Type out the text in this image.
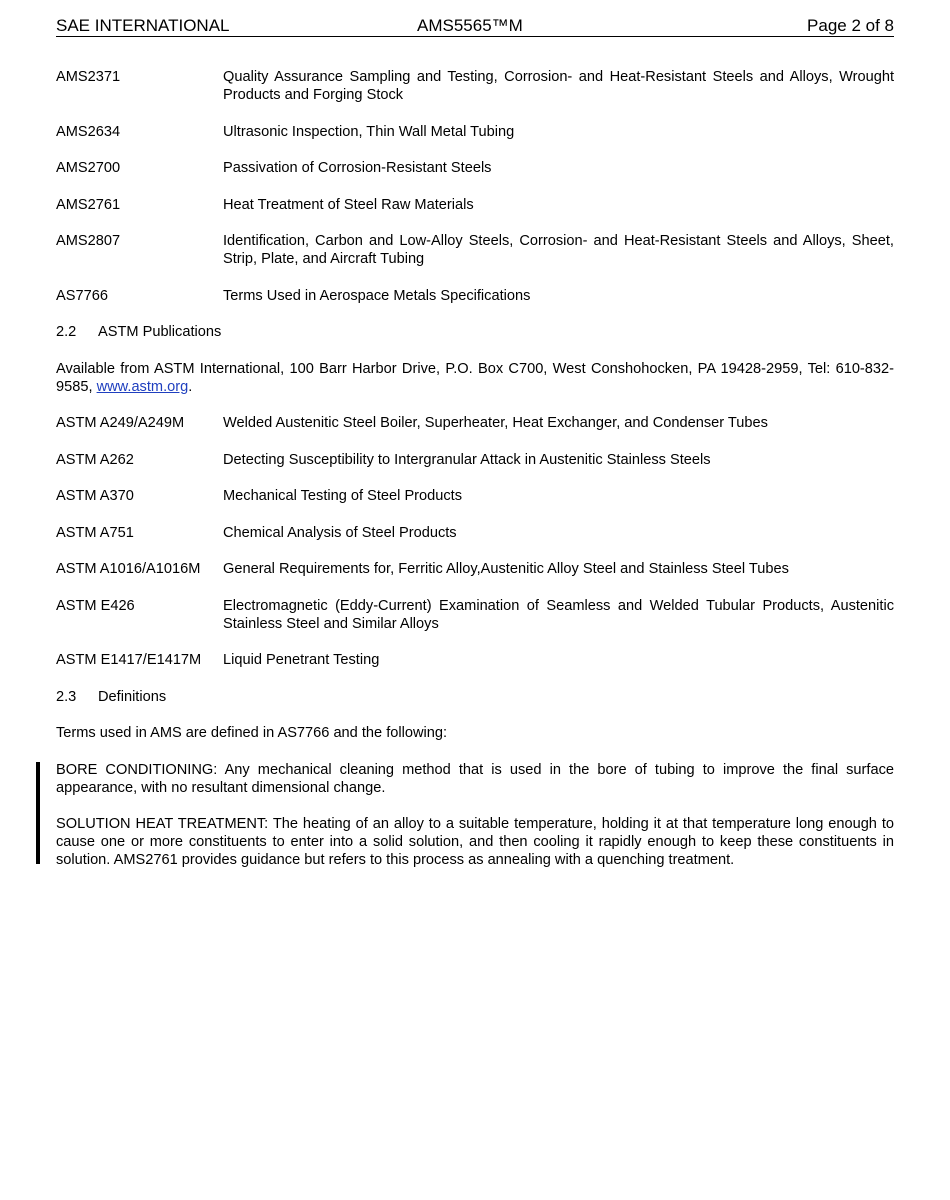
SAE INTERNATIONAL	AMS5565™M	Page 2 of 8
AMS2371	Quality Assurance Sampling and Testing, Corrosion- and Heat-Resistant Steels and Alloys, Wrought Products and Forging Stock
AMS2634	Ultrasonic Inspection, Thin Wall Metal Tubing
AMS2700	Passivation of Corrosion-Resistant Steels
AMS2761	Heat Treatment of Steel Raw Materials
AMS2807	Identification, Carbon and Low-Alloy Steels, Corrosion- and Heat-Resistant Steels and Alloys, Sheet, Strip, Plate, and Aircraft Tubing
AS7766	Terms Used in Aerospace Metals Specifications
2.2 ASTM Publications
Available from ASTM International, 100 Barr Harbor Drive, P.O. Box C700, West Conshohocken, PA 19428-2959, Tel: 610-832-9585, www.astm.org.
ASTM A249/A249M	Welded Austenitic Steel Boiler, Superheater, Heat Exchanger, and Condenser Tubes
ASTM A262	Detecting Susceptibility to Intergranular Attack in Austenitic Stainless Steels
ASTM A370	Mechanical Testing of Steel Products
ASTM A751	Chemical Analysis of Steel Products
ASTM A1016/A1016M	General Requirements for, Ferritic Alloy,Austenitic Alloy Steel and Stainless Steel Tubes
ASTM E426	Electromagnetic (Eddy-Current) Examination of Seamless and Welded Tubular Products, Austenitic Stainless Steel and Similar Alloys
ASTM E1417/E1417M	Liquid Penetrant Testing
2.3 Definitions
Terms used in AMS are defined in AS7766 and the following:
BORE CONDITIONING: Any mechanical cleaning method that is used in the bore of tubing to improve the final surface appearance, with no resultant dimensional change.
SOLUTION HEAT TREATMENT: The heating of an alloy to a suitable temperature, holding it at that temperature long enough to cause one or more constituents to enter into a solid solution, and then cooling it rapidly enough to keep these constituents in solution. AMS2761 provides guidance but refers to this process as annealing with a quenching treatment.
